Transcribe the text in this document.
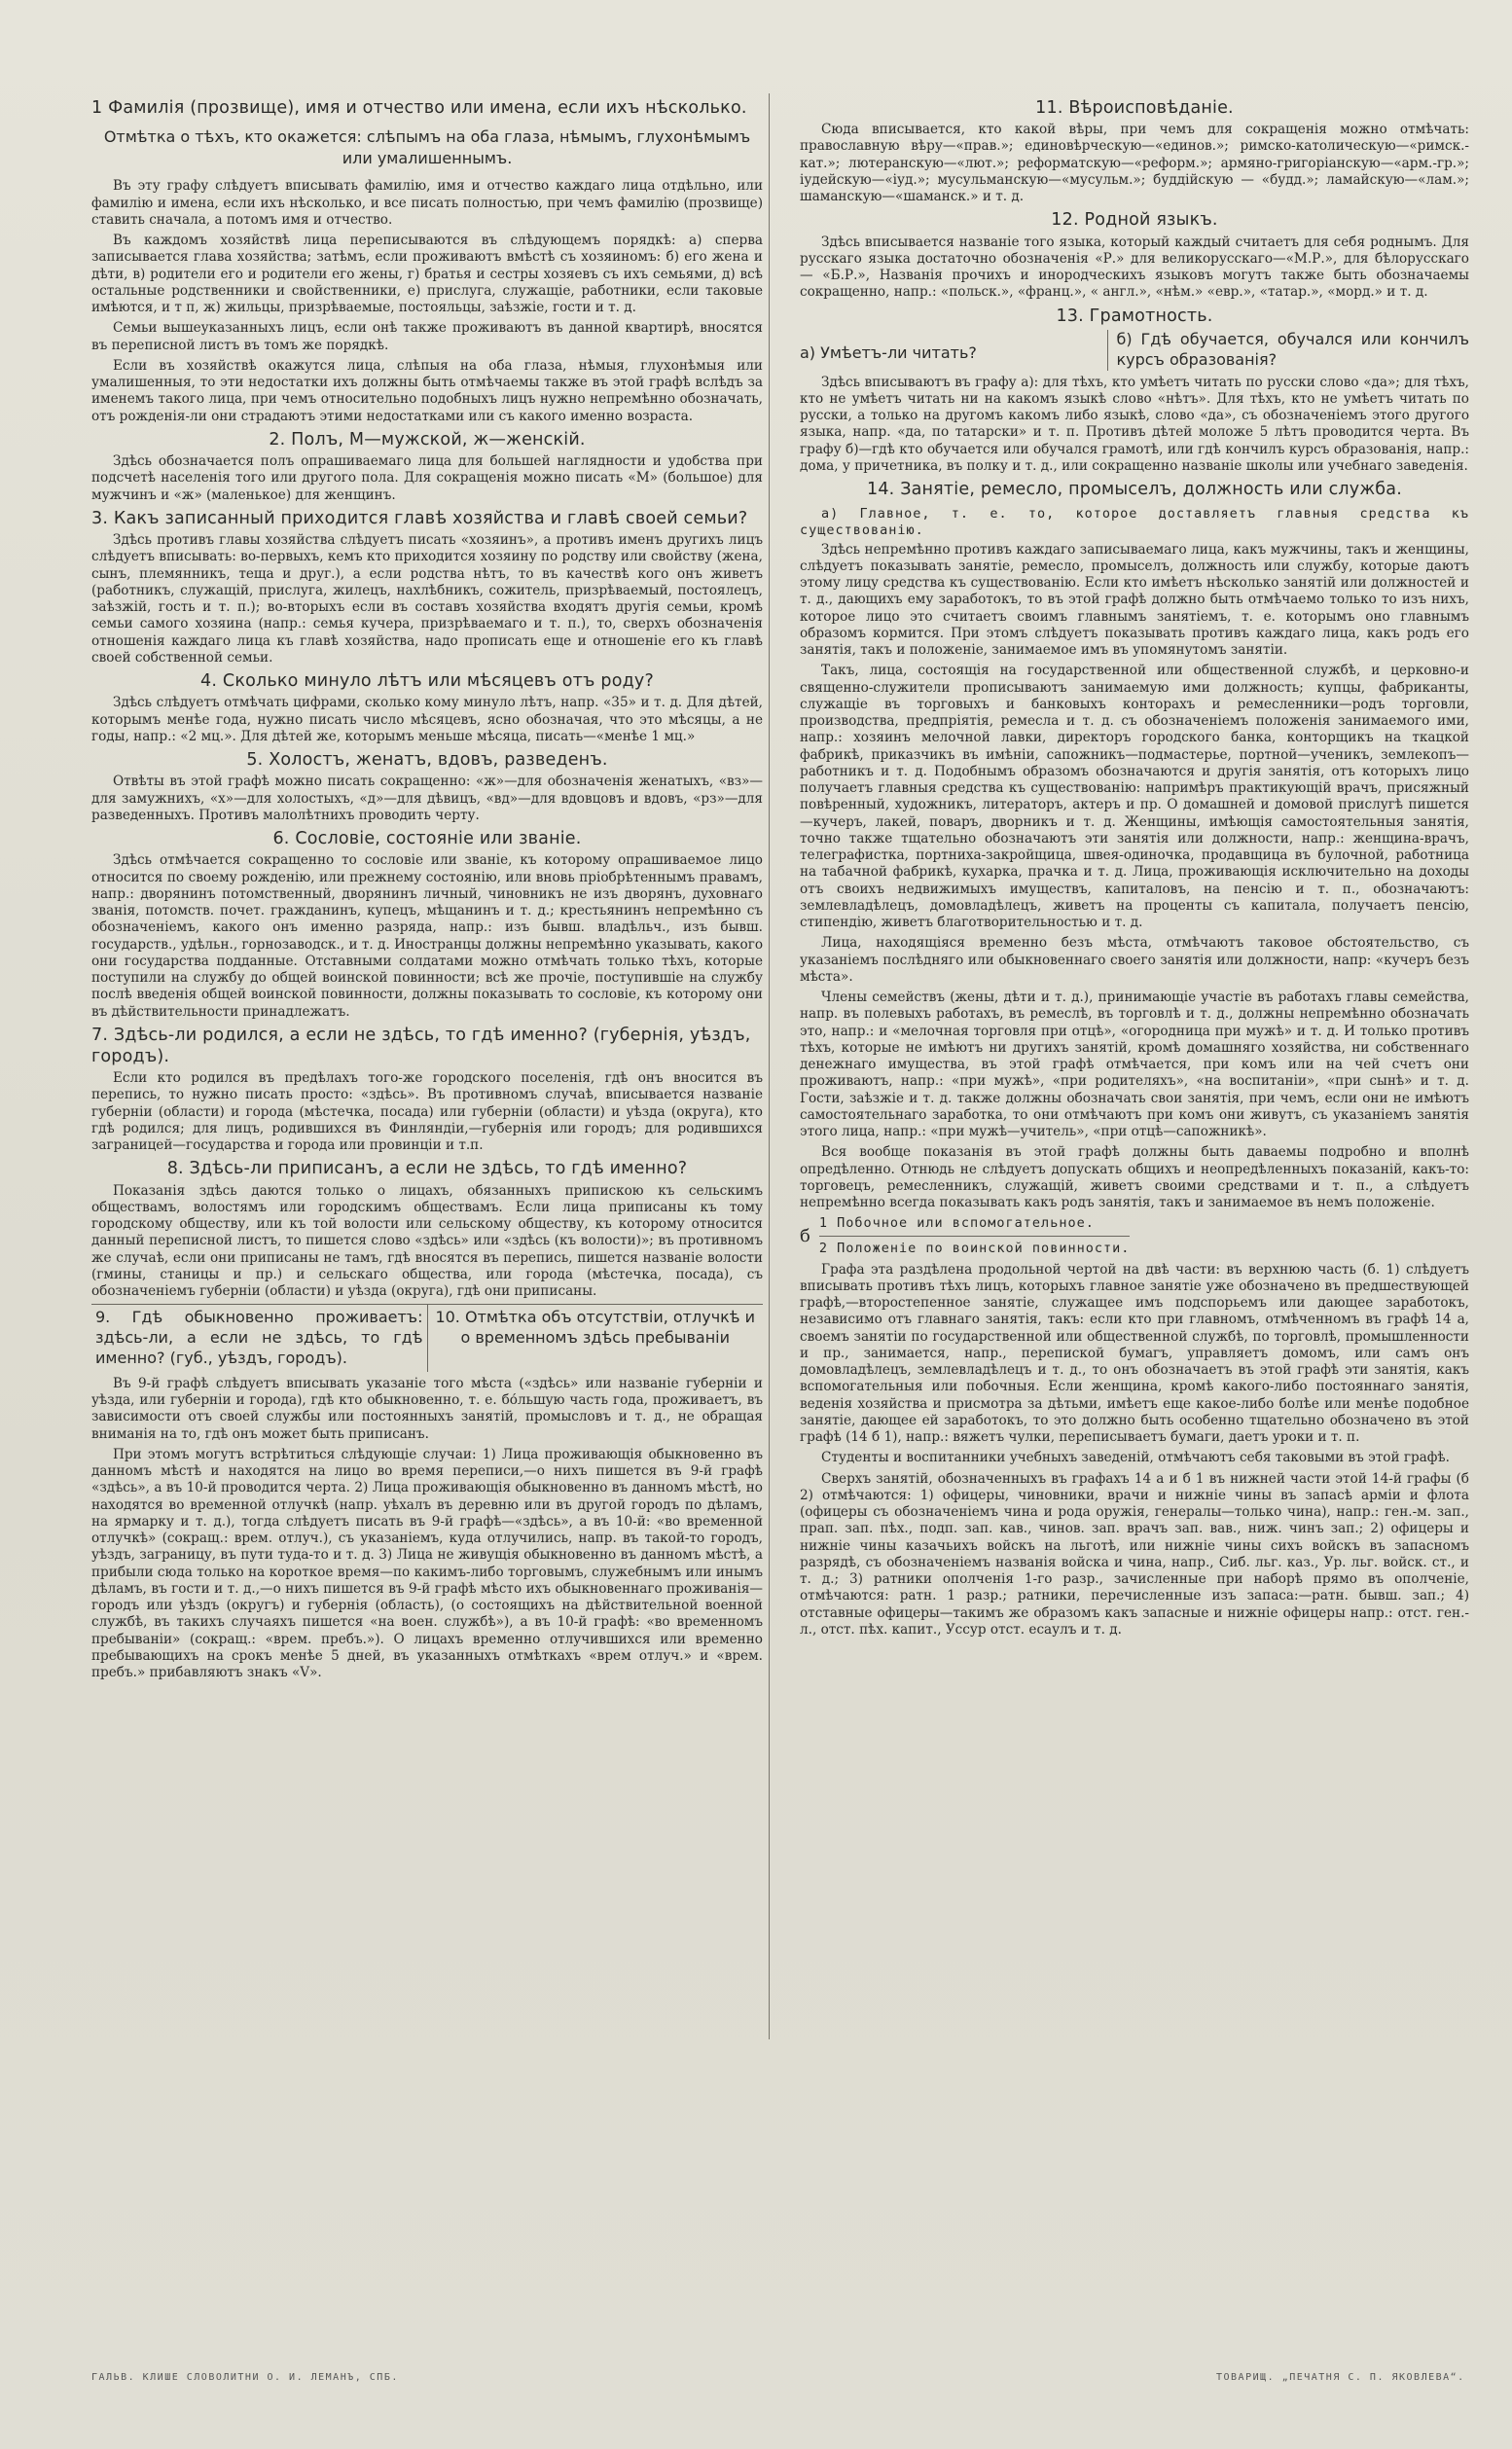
1 Фамилія (прозвище), имя и отчество или имена, если ихъ нѣсколько.
Отмѣтка о тѣхъ, кто окажется: слѣпымъ на оба глаза, нѣмымъ, глухонѣмымъ или умалишеннымъ.

Въ эту графу слѣдуетъ вписывать фамилію, имя и отчество каждаго лица отдѣльно, или фамилію и имена, если ихъ нѣсколько, и все писать полностью, при чемъ фамилію (прозвище) ставить сначала, а потомъ имя и отчество.

Въ каждомъ хозяйствѣ лица переписываются въ слѣдующемъ порядкѣ: а) сперва записывается глава хозяйства; затѣмъ, если проживаютъ вмѣстѣ съ хозяиномъ: б) его жена и дѣти, в) родители его и родители его жены, г) братья и сестры хозяевъ съ ихъ семьями, д) всѣ остальные родственники и свойственники, е) прислуга, служащіе, работники, если таковые имѣются, и т п, ж) жильцы, призрѣваемые, постояльцы, заѣзжіе, гости и т. д.

Семьи вышеуказанныхъ лицъ, если онѣ также проживаютъ въ данной квартирѣ, вносятся въ переписной листъ въ томъ же порядкѣ.

Если въ хозяйствѣ окажутся лица, слѣпыя на оба глаза, нѣмыя, глухонѣмыя или умалишенныя, то эти недостатки ихъ должны быть отмѣчаемы также въ этой графѣ вслѣдъ за именемъ такого лица, при чемъ относительно подобныхъ лицъ нужно непремѣнно обозначать, отъ рожденія-ли они страдаютъ этими недостатками или съ какого именно возраста.

2. Полъ, М—мужской, ж—женскій.

Здѣсь обозначается полъ опрашиваемаго лица для большей наглядности и удобства при подсчетѣ населенія того или другого пола. Для сокращенія можно писать «М» (большое) для мужчинъ и «ж» (маленькое) для женщинъ.

3. Какъ записанный приходится главѣ хозяйства и главѣ своей семьи?

Здѣсь противъ главы хозяйства слѣдуетъ писать «хозяинъ», а противъ именъ другихъ лицъ слѣдуетъ вписывать: во-первыхъ, кемъ кто приходится хозяину по родству или свойству (жена, сынъ, племянникъ, теща и друг.), а если родства нѣтъ, то въ качествѣ кого онъ живетъ (работникъ, служащій, прислуга, жилецъ, нахлѣбникъ, сожитель, призрѣваемый, постоялецъ, заѣзжій, гость и т. п.); во-вторыхъ если въ составъ хозяйства входятъ другія семьи, кромѣ семьи самого хозяина (напр.: семья кучера, призрѣваемаго и т. п.), то, сверхъ обозначенія отношенія каждаго лица къ главѣ хозяйства, надо прописать еще и отношеніе его къ главѣ своей собственной семьи.

4. Сколько минуло лѣтъ или мѣсяцевъ отъ роду?

Здѣсь слѣдуетъ отмѣчать цифрами, сколько кому минуло лѣтъ, напр. «35» и т. д. Для дѣтей, которымъ менѣе года, нужно писать число мѣсяцевъ, ясно обозначая, что это мѣсяцы, а не годы, напр.: «2 мц.». Для дѣтей же, которымъ меньше мѣсяца, писать—«менѣе 1 мц.»

5. Холостъ, женатъ, вдовъ, разведенъ.

Отвѣты въ этой графѣ можно писать сокращенно: «ж»—для обозначенія женатыхъ, «вз»—для замужнихъ, «х»—для холостыхъ, «д»—для дѣвицъ, «вд»—для вдовцовъ и вдовъ, «рз»—для разведенныхъ. Противъ малолѣтнихъ проводить черту.

6. Сословіе, состояніе или званіе.

Здѣсь отмѣчается сокращенно то сословіе или званіе, къ которому опрашиваемое лицо относится по своему рожденію, или прежнему состоянію, или вновь пріобрѣтеннымъ правамъ, напр.: дворянинъ потомственный, дворянинъ личный, чиновникъ не изъ дворянъ, духовнаго званія, потомств. почет. гражданинъ, купецъ, мѣщанинъ и т. д.; крестьянинъ непремѣнно съ обозначеніемъ, какого онъ именно разряда, напр.: изъ бывш. владѣльч., изъ бывш. государств., удѣльн., горнозаводск., и т. д. Иностранцы должны непремѣнно указывать, какого они государства подданные. Отставными солдатами можно отмѣчать только тѣхъ, которые поступили на службу до общей воинской повинности; всѣ же прочіе, поступившіе на службу послѣ введенія общей воинской повинности, должны показывать то сословіе, къ которому они въ дѣйствительности принадлежатъ.

7. Здѣсь-ли родился, а если не здѣсь, то гдѣ именно? (губернія, уѣздъ, городъ).

Если кто родился въ предѣлахъ того-же городского поселенія, гдѣ онъ вносится въ перепись, то нужно писать просто: «здѣсь». Въ противномъ случаѣ, вписывается названіе губерніи (области) и города (мѣстечка, посада) или губерніи (области) и уѣзда (округа), кто гдѣ родился; для лицъ, родившихся въ Финляндіи,—губернія или городъ; для родившихся заграницей—государства и города или провинціи и т.п.

8. Здѣсь-ли приписанъ, а если не здѣсь, то гдѣ именно?

Показанія здѣсь даются только о лицахъ, обязанныхъ припискою къ сельскимъ обществамъ, волостямъ или городскимъ обществамъ. Если лица приписаны къ тому городскому обществу, или къ той волости или сельскому обществу, къ которому относится данный переписной листъ, то пишется слово «здѣсь» или «здѣсь (къ волости)»; въ противномъ же случаѣ, если они приписаны не тамъ, гдѣ вносятся въ перепись, пишется названіе волости (гмины, станицы и пр.) и сельскаго общества, или города (мѣстечка, посада), съ обозначеніемъ губерніи (области) и уѣзда (округа), гдѣ они приписаны.

9. Гдѣ обыкновенно проживаетъ: здѣсь-ли, а если не здѣсь, то гдѣ именно? (губ., уѣздъ, городъ).
10. Отмѣтка объ отсутствіи, отлучкѣ и о временномъ здѣсь пребываніи

Въ 9-й графѣ слѣдуетъ вписывать указаніе того мѣста («здѣсь» или названіе губерніи и уѣзда, или губерніи и города), гдѣ кто обыкновенно, т. е. бо́льшую часть года, проживаетъ, въ зависимости отъ своей службы или постоянныхъ занятій, промысловъ и т. д., не обращая вниманія на то, гдѣ онъ может быть приписанъ.

При этомъ могутъ встрѣтиться слѣдующіе случаи: 1) Лица проживающія обыкновенно въ данномъ мѣстѣ и находятся на лицо во время переписи,—о нихъ пишется въ 9-й графѣ «здѣсь», а въ 10-й проводится черта. 2) Лица проживающія обыкновенно въ данномъ мѣстѣ, но находятся во временной отлучкѣ (напр. уѣхалъ въ деревню или въ другой городъ по дѣламъ, на ярмарку и т. д.), тогда слѣдуетъ писать въ 9-й графѣ—«здѣсь», а въ 10-й: «во временной отлучкѣ» (сокращ.: врем. отлуч.), съ указаніемъ, куда отлучились, напр. въ такой-то городъ, уѣздъ, заграницу, въ пути туда-то и т. д. 3) Лица не живущія обыкновенно въ данномъ мѣстѣ, а прибыли сюда только на короткое время—по какимъ-либо торговымъ, служебнымъ или инымъ дѣламъ, въ гости и т. д.,—о нихъ пишется въ 9-й графѣ мѣсто ихъ обыкновеннаго проживанія—городъ или уѣздъ (округъ) и губернія (область), (о состоящихъ на дѣйствительной военной службѣ, въ такихъ случаяхъ пишется «на воен. службѣ»), а въ 10-й графѣ: «во временномъ пребываніи» (сокращ.: «врем. пребъ.»). О лицахъ временно отлучившихся или временно пребывающихъ на срокъ менѣе 5 дней, въ указанныхъ отмѣткахъ «врем отлуч.» и «врем. пребъ.» прибавляютъ знакъ «V».

11. Вѣроисповѣданіе.

Сюда вписывается, кто какой вѣры, при чемъ для сокращенія можно отмѣчать: православную вѣру—«прав.»; единовѣрческую—«единов.»; римско-католическую—«римск.-кат.»; лютеранскую—«лют.»; реформатскую—«реформ.»; армяно-григоріанскую—«арм.-гр.»; іудейскую—«іуд.»; мусульманскую—«мусульм.»; буддійскую — «будд.»; ламайскую—«лам.»; шаманскую—«шаманск.» и т. д.

12. Родной языкъ.

Здѣсь вписывается названіе того языка, который каждый считаетъ для себя роднымъ. Для русскаго языка достаточно обозначенія «Р.» для великорусскаго—«М.Р.», для бѣлорусскаго — «Б.Р.», Названія прочихъ и инородческихъ языковъ могутъ также быть обозначаемы сокращенно, напр.: «польск.», «франц.», « англ.», «нѣм.» «евр.», «татар.», «морд.» и т. д.

13. Грамотность.
а) Умѣетъ-ли читать?
б) Гдѣ обучается, обучался или кончилъ курсъ образованія?

Здѣсь вписываютъ въ графу а): для тѣхъ, кто умѣетъ читать по русски слово «да»; для тѣхъ, кто не умѣетъ читать ни на какомъ языкѣ слово «нѣтъ». Для тѣхъ, кто не умѣетъ читать по русски, а только на другомъ какомъ либо языкѣ, слово «да», съ обозначеніемъ этого другого языка, напр. «да, по татарски» и т. п. Противъ дѣтей моложе 5 лѣтъ проводится черта. Въ графу б)—гдѣ кто обучается или обучался грамотѣ, или гдѣ кончилъ курсъ образованія, напр.: дома, у причетника, въ полку и т. д., или сокращенно названіе школы или учебнаго заведенія.

14. Занятіе, ремесло, промыселъ, должность или служба.
а) Главное, т. е. то, которое доставляетъ главныя средства къ существованію.

Здѣсь непремѣнно противъ каждаго записываемаго лица, какъ мужчины, такъ и женщины, слѣдуетъ показывать занятіе, ремесло, промыселъ, должность или службу, которые даютъ этому лицу средства къ существованію. Если кто имѣетъ нѣсколько занятій или должностей и т. д., дающихъ ему заработокъ, то въ этой графѣ должно быть отмѣчаемо только то изъ нихъ, которое лицо это считаетъ своимъ главнымъ занятіемъ, т. е. которымъ оно главнымъ образомъ кормится. При этомъ слѣдуетъ показывать противъ каждаго лица, какъ родъ его занятія, такъ и положеніе, занимаемое имъ въ упомянутомъ занятіи.

Такъ, лица, состоящія на государственной или общественной службѣ, и церковно-и священно-служители прописываютъ занимаемую ими должность; купцы, фабриканты, служащіе въ торговыхъ и банковыхъ конторахъ и ремесленники—родъ торговли, производства, предпріятія, ремесла и т. д. съ обозначеніемъ положенія занимаемого ими, напр.: хозяинъ мелочной лавки, директоръ городского банка, конторщикъ на ткацкой фабрикѣ, приказчикъ въ имѣніи, сапожникъ—подмастерье, портной—ученикъ, землекопъ—работникъ и т. д. Подобнымъ образомъ обозначаются и другія занятія, отъ которыхъ лицо получаетъ главныя средства къ существованію: напримѣръ практикующій врачъ, присяжный повѣренный, художникъ, литераторъ, актеръ и пр. О домашней и домовой прислугѣ пишется—кучеръ, лакей, поваръ, дворникъ и т. д. Женщины, имѣющія самостоятельныя занятія, точно также тщательно обозначаютъ эти занятія или должности, напр.: женщина-врачъ, телеграфистка, портниха-закройщица, швея-одиночка, продавщица въ булочной, работница на табачной фабрикѣ, кухарка, прачка и т. д. Лица, проживающія исключительно на доходы отъ своихъ недвижимыхъ имуществъ, капиталовъ, на пенсію и т. п., обозначаютъ: землевладѣлецъ, домовладѣлецъ, живетъ на проценты съ капитала, получаетъ пенсію, стипендію, живетъ благотворительностью и т. д.

Лица, находящіяся временно безъ мѣста, отмѣчаютъ таковое обстоятельство, съ указаніемъ послѣдняго или обыкновеннаго своего занятія или должности, напр: «кучеръ безъ мѣста».

Члены семействъ (жены, дѣти и т. д.), принимающіе участіе въ работахъ главы семейства, напр. въ полевыхъ работахъ, въ ремеслѣ, въ торговлѣ и т. д., должны непремѣнно обозначать это, напр.: и «мелочная торговля при отцѣ», «огородница при мужѣ» и т. д. И только противъ тѣхъ, которые не имѣютъ ни другихъ занятій, кромѣ домашняго хозяйства, ни собственнаго денежнаго имущества, въ этой графѣ отмѣчается, при комъ или на чей счетъ они проживаютъ, напр.: «при мужѣ», «при родителяхъ», «на воспитаніи», «при сынѣ» и т. д. Гости, заѣзжіе и т. д. также должны обозначать свои занятія, при чемъ, если они не имѣютъ самостоятельнаго заработка, то они отмѣчаютъ при комъ они живутъ, съ указаніемъ занятія этого лица, напр.: «при мужѣ—учитель», «при отцѣ—сапожникѣ».

Вся вообще показанія въ этой графѣ должны быть даваемы подробно и вполнѣ опредѣленно. Отнюдь не слѣдуетъ допускать общихъ и неопредѣленныхъ показаній, какъ-то: торговецъ, ремесленникъ, служащій, живетъ своими средствами и т. п., а слѣдуетъ непремѣнно всегда показывать какъ родъ занятія, такъ и занимаемое въ немъ положеніе.

б
1 Побочное или вспомогательное.
2 Положеніе по воинской повинности.

Графа эта раздѣлена продольной чертой на двѣ части: въ верхнюю часть (б. 1) слѣдуетъ вписывать противъ тѣхъ лицъ, которыхъ главное занятіе уже обозначено въ предшествующей графѣ,—второстепенное занятіе, служащее имъ подспорьемъ или дающее заработокъ, независимо отъ главнаго занятія, такъ: если кто при главномъ, отмѣченномъ въ графѣ 14 а, своемъ занятіи по государственной или общественной службѣ, по торговлѣ, промышленности и пр., занимается, напр., перепиской бумагъ, управляетъ домомъ, или самъ онъ домовладѣлецъ, землевладѣлецъ и т. д., то онъ обозначаетъ въ этой графѣ эти занятія, какъ вспомогательныя или побочныя. Если женщина, кромѣ какого-либо постояннаго занятія, веденія хозяйства и присмотра за дѣтьми, имѣетъ еще какое-либо болѣе или менѣе подобное занятіе, дающее ей заработокъ, то это должно быть особенно тщательно обозначено въ этой графѣ (14 б 1), напр.: вяжетъ чулки, переписываетъ бумаги, даетъ уроки и т. п.

Студенты и воспитанники учебныхъ заведеній, отмѣчаютъ себя таковыми въ этой графѣ.

Сверхъ занятій, обозначенныхъ въ графахъ 14 а и б 1 въ нижней части этой 14-й графы (б 2) отмѣчаются: 1) офицеры, чиновники, врачи и нижніе чины въ запасѣ арміи и флота (офицеры съ обозначеніемъ чина и рода оружія, генералы—только чина), напр.: ген.-м. зап., прап. зап. пѣх., подп. зап. кав., чинов. зап. врачъ зап. вав., ниж. чинъ зап.; 2) офицеры и нижніе чины казачьихъ войскъ на льготѣ, или нижніе чины сихъ войскъ въ запасномъ разрядѣ, съ обозначеніемъ названія войска и чина, напр., Сиб. льг. каз., Ур. льг. войск. ст., и т. д.; 3) ратники ополченія 1-го разр., зачисленные при наборѣ прямо въ ополченіе, отмѣчаются: ратн. 1 разр.; ратники, перечисленные изъ запаса:—ратн. бывш. зап.; 4) отставные офицеры—такимъ же образомъ какъ запасные и нижніе офицеры напр.: отст. ген.-л., отст. пѣх. капит., Уссур отст. есаулъ и т. д.

ГАЛЬВ. КЛИШЕ СЛОВОЛИТНИ О. И. ЛЕМАНЪ, СПБ.	ТОВАРИЩ. „ПЕЧАТНЯ С. П. ЯКОВЛЕВА“.
